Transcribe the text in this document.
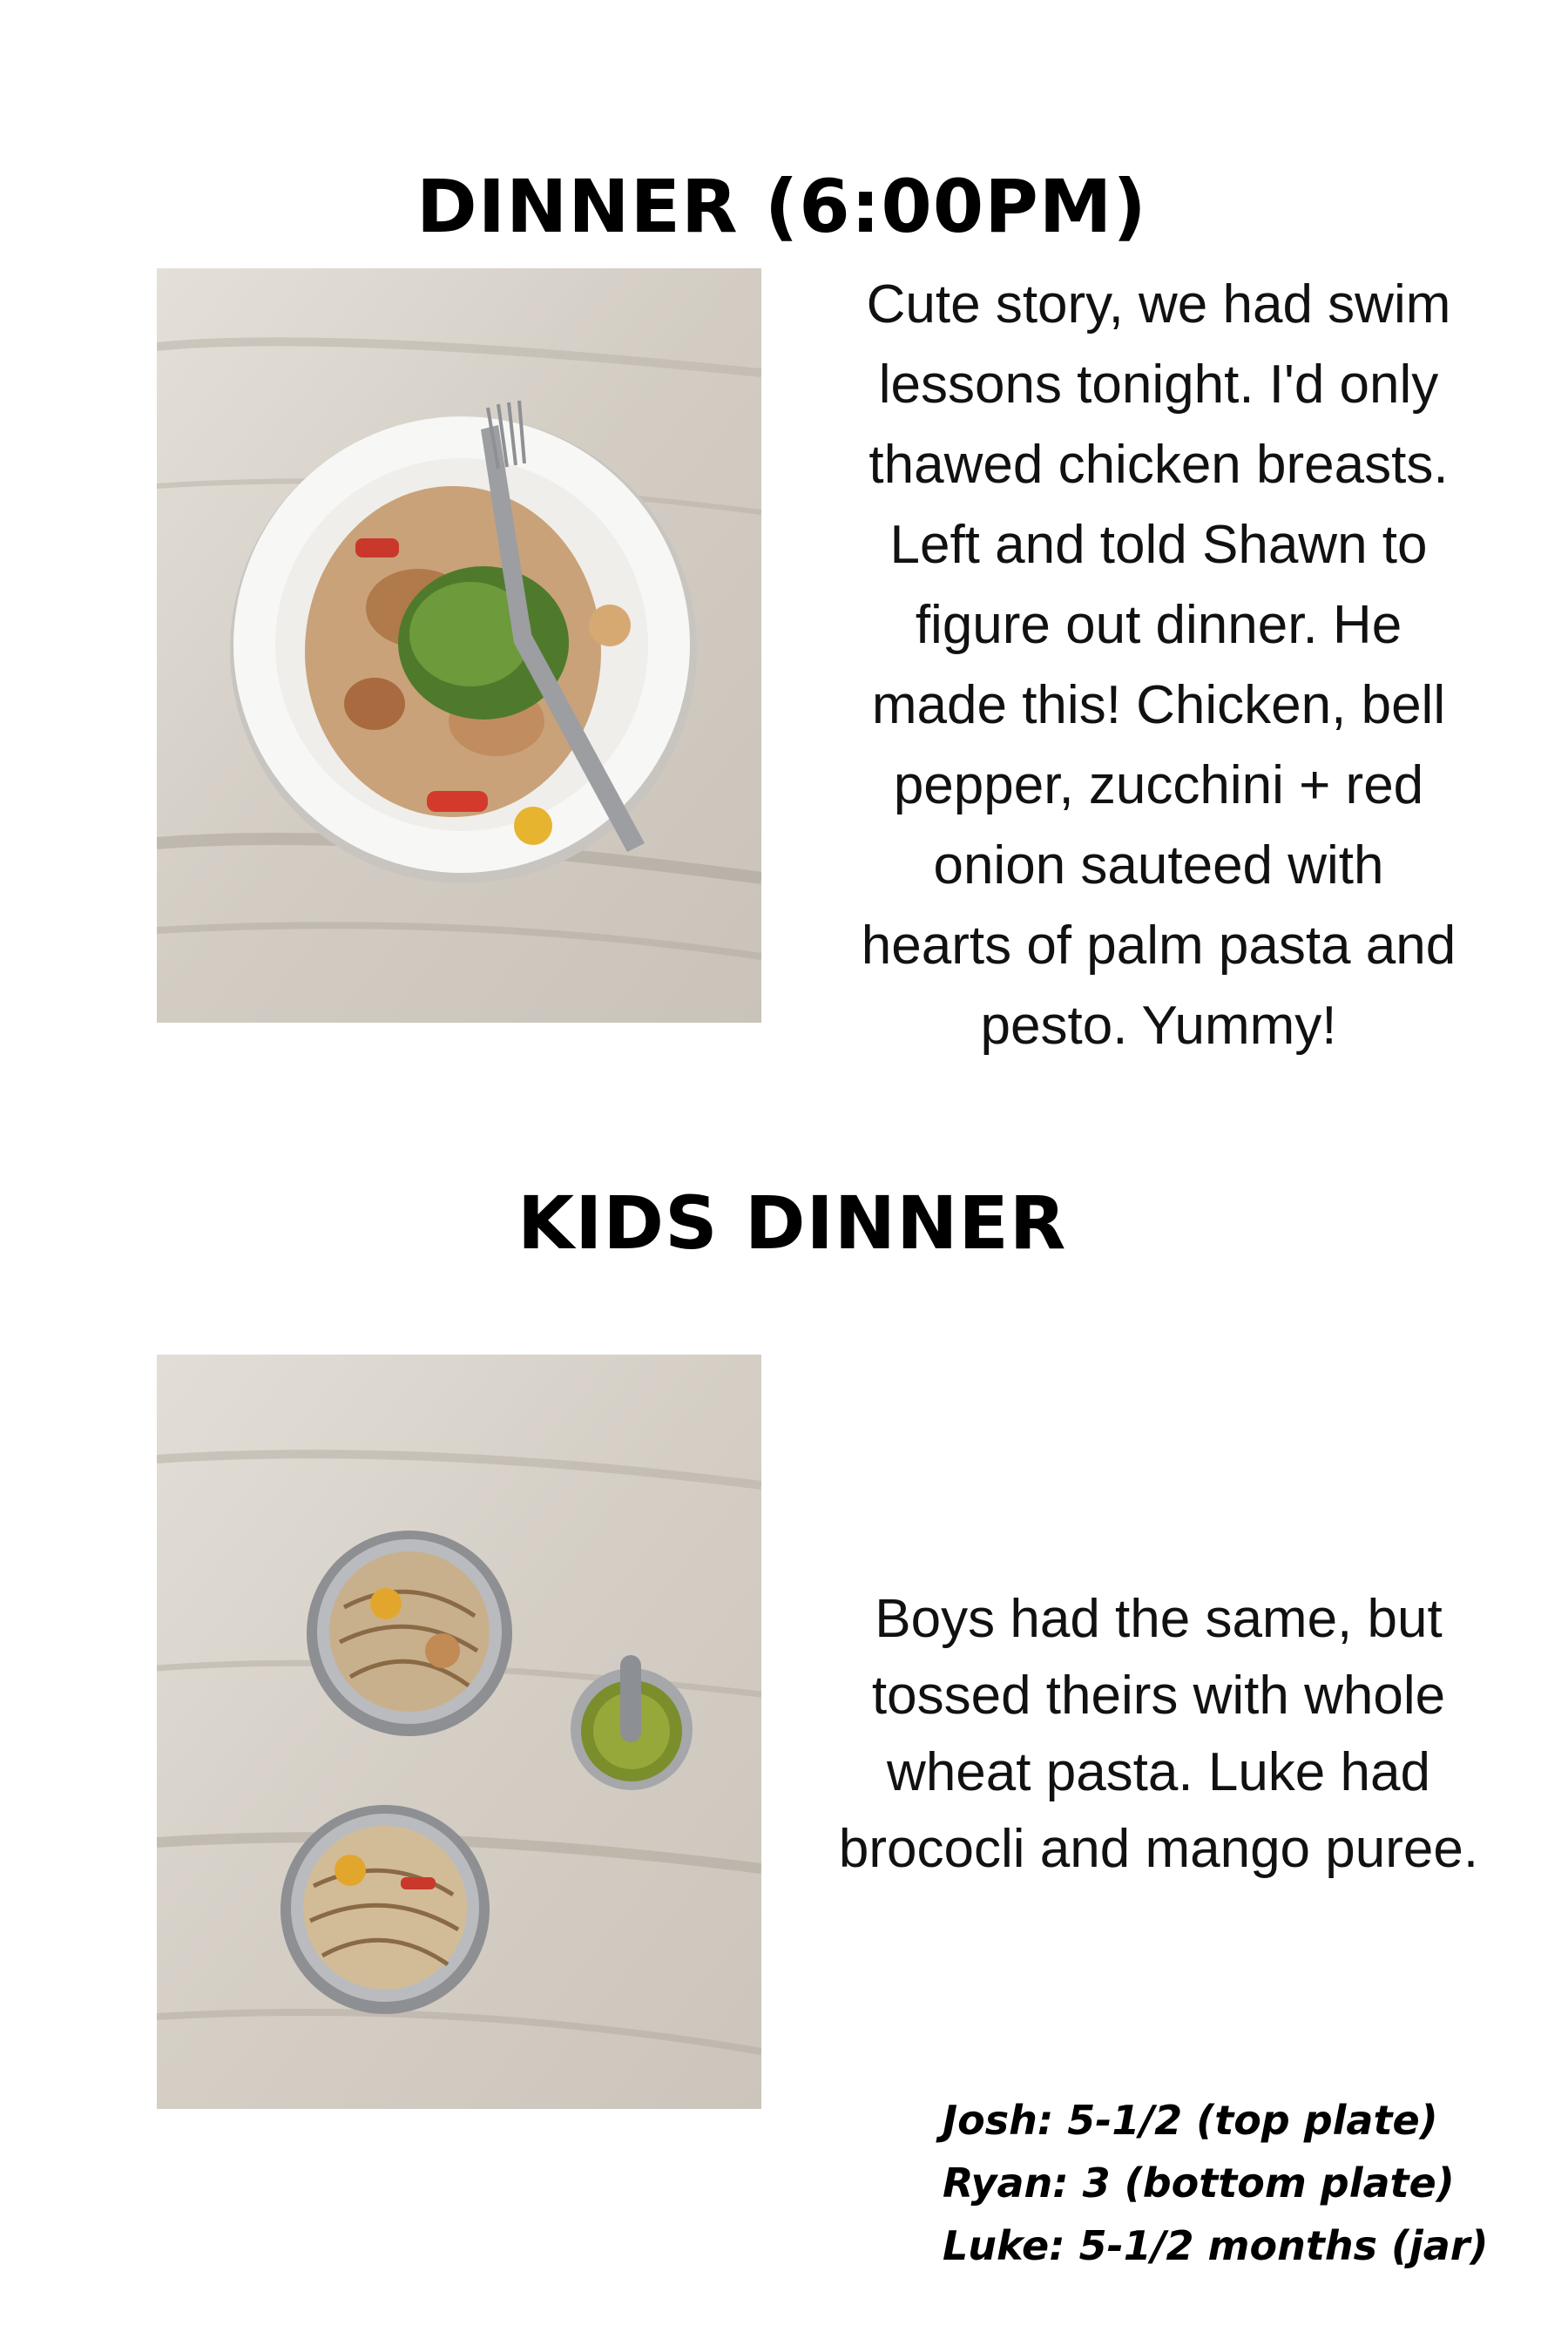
DINNER (6:00PM)
Cute story, we had swim
lessons tonight. I'd only
thawed chicken breasts.
Left and told Shawn to
figure out dinner. He
made this! Chicken, bell
pepper, zucchini + red
onion sauteed with
hearts of palm pasta and
pesto. Yummy!
KIDS DINNER
Boys had the same, but
tossed theirs with whole
wheat pasta. Luke had
brococli and mango puree.
Josh: 5-1/2 (top plate)
Ryan: 3 (bottom plate)
Luke: 5-1/2 months (jar)
